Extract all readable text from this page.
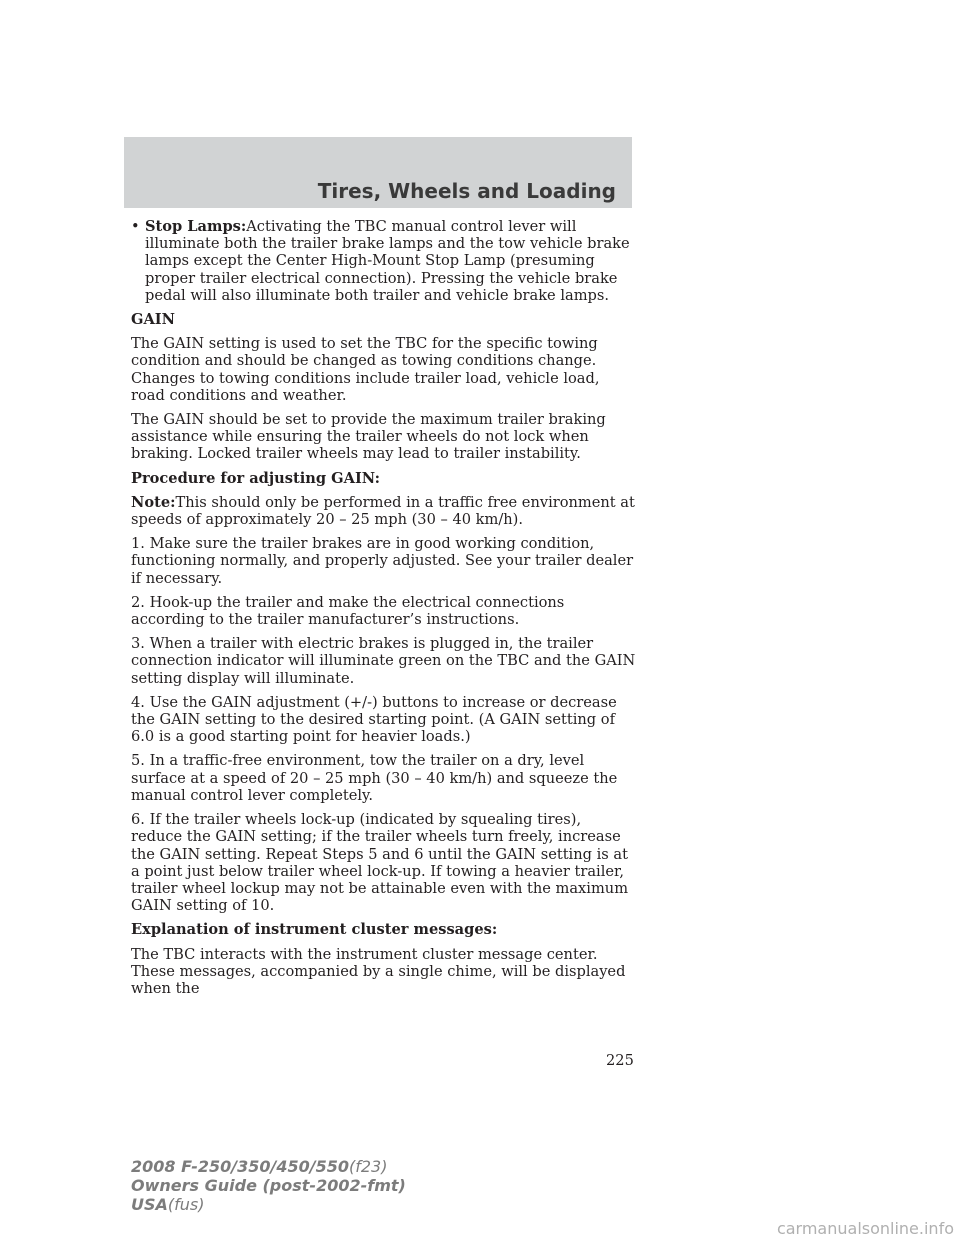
Tires, Wheels and Loading
• Stop Lamps:Activating the TBC manual control lever will illuminate both the trailer brake lamps and the tow vehicle brake lamps except the Center High-Mount Stop Lamp (presuming proper trailer electrical connection). Pressing the vehicle brake pedal will also illuminate both trailer and vehicle brake lamps.

GAIN

The GAIN setting is used to set the TBC for the specific towing condition and should be changed as towing conditions change. Changes to towing conditions include trailer load, vehicle load, road conditions and weather.

The GAIN should be set to provide the maximum trailer braking assistance while ensuring the trailer wheels do not lock when braking. Locked trailer wheels may lead to trailer instability.

Procedure for adjusting GAIN:

Note:This should only be performed in a traffic free environment at speeds of approximately 20 – 25 mph (30 – 40 km/h).

1. Make sure the trailer brakes are in good working condition, functioning normally, and properly adjusted. See your trailer dealer if necessary.

2. Hook-up the trailer and make the electrical connections according to the trailer manufacturer’s instructions.

3. When a trailer with electric brakes is plugged in, the trailer connection indicator will illuminate green on the TBC and the GAIN setting display will illuminate.

4. Use the GAIN adjustment (+/-) buttons to increase or decrease the GAIN setting to the desired starting point. (A GAIN setting of 6.0 is a good starting point for heavier loads.)

5. In a traffic-free environment, tow the trailer on a dry, level surface at a speed of 20 – 25 mph (30 – 40 km/h) and squeeze the manual control lever completely.

6. If the trailer wheels lock-up (indicated by squealing tires), reduce the GAIN setting; if the trailer wheels turn freely, increase the GAIN setting. Repeat Steps 5 and 6 until the GAIN setting is at a point just below trailer wheel lock-up. If towing a heavier trailer, trailer wheel lockup may not be attainable even with the maximum GAIN setting of 10.

Explanation of instrument cluster messages:

The TBC interacts with the instrument cluster message center. These messages, accompanied by a single chime, will be displayed when the

225
2008 F-250/350/450/550(f23)
Owners Guide (post-2002-fmt)
USA(fus)
carmanualsonline.info
